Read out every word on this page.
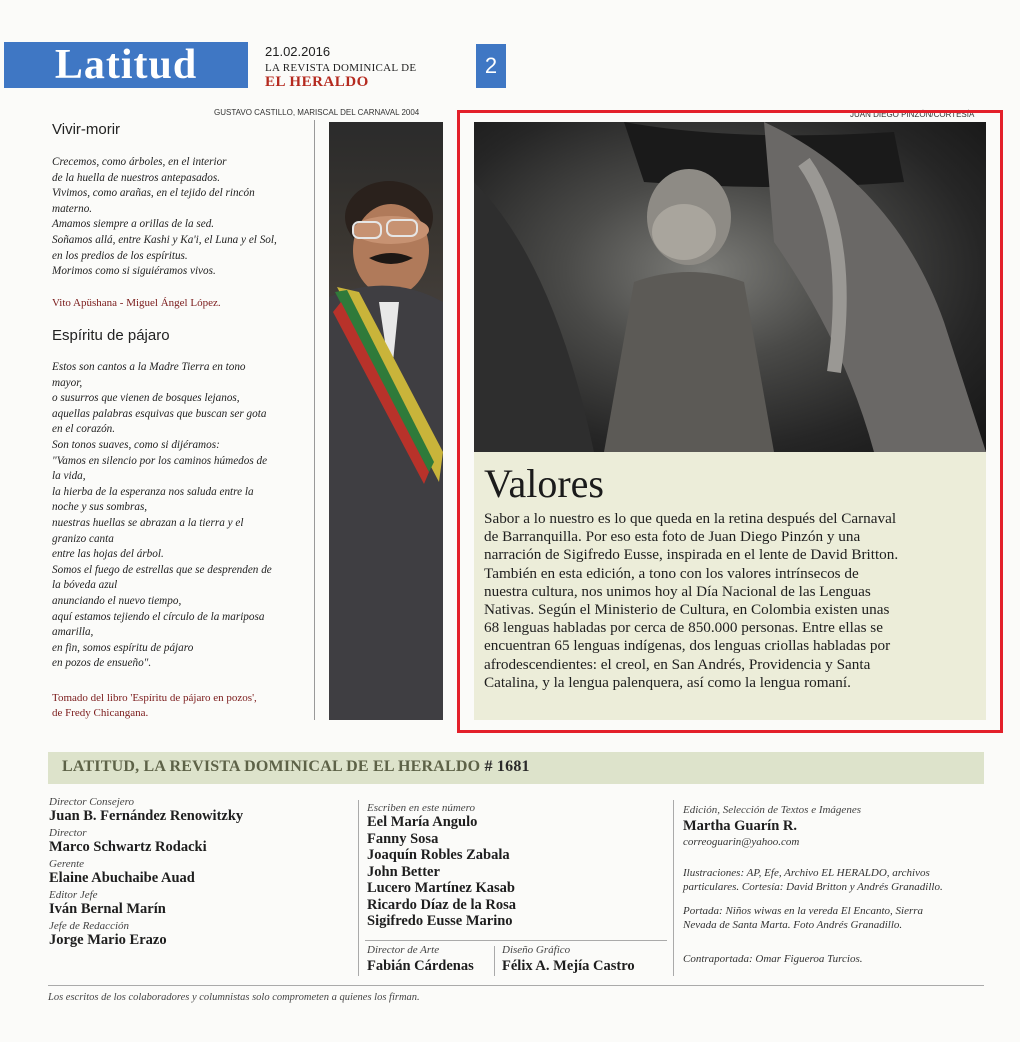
Latitud	21.02.2016
LA REVISTA DOMINICAL DE
EL HERALDO
2
GUSTAVO CASTILLO, MARISCAL DEL CARNAVAL 2004	JUAN DIEGO PINZÓN/CORTESÍA
Vivir-morir
Crecemos, como árboles, en el interior
de la huella de nuestros antepasados.
Vivimos, como arañas, en el tejido del rincón
materno.
Amamos siempre a orillas de la sed.
Soñamos allá, entre Kashi y Ka'i, el Luna y el Sol,
en los predios de los espíritus.
Morimos como si siguiéramos vivos.
Vito Apüshana - Miguel Ángel López.
Espíritu de pájaro
Estos son cantos a la Madre Tierra en tono
mayor,
o susurros que vienen de bosques lejanos,
aquellas palabras esquivas que buscan ser gota
en el corazón.
Son tonos suaves, como si dijéramos:
"Vamos en silencio por los caminos húmedos de
la vida,
la hierba de la esperanza nos saluda entre la
noche y sus sombras,
nuestras huellas se abrazan a la tierra y el
granizo canta
entre las hojas del árbol.
Somos el fuego de estrellas que se desprenden de
la bóveda azul
anunciando el nuevo tiempo,
aquí estamos tejiendo el círculo de la mariposa
amarilla,
en fin, somos espíritu de pájaro
en pozos de ensueño".
Tomado del libro 'Espíritu de pájaro en pozos',
de Fredy Chicangana.
Valores
Sabor a lo nuestro es lo que queda en la retina después del Carnaval
de Barranquilla. Por eso esta foto de Juan Diego Pinzón y una
narración de Sigifredo Eusse, inspirada en el lente de David Britton.
También en esta edición, a tono con los valores intrínsecos de
nuestra cultura, nos unimos hoy al Día Nacional de las Lenguas
Nativas. Según el Ministerio de Cultura, en Colombia existen unas
68 lenguas habladas por cerca de 850.000 personas. Entre ellas se
encuentran 65 lenguas indígenas, dos lenguas criollas habladas por
afrodescendientes: el creol, en San Andrés, Providencia y Santa
Catalina, y la lengua palenquera, así como la lengua romaní.
LATITUD, LA REVISTA DOMINICAL DE EL HERALDO # 1681
Director Consejero
Juan B. Fernández Renowitzky
Director
Marco Schwartz Rodacki
Gerente
Elaine Abuchaibe Auad
Editor Jefe
Iván Bernal Marín
Jefe de Redacción
Jorge Mario Erazo
Escriben en este número
Eel María Angulo
Fanny Sosa
Joaquín Robles Zabala
John Better
Lucero Martínez Kasab
Ricardo Díaz de la Rosa
Sigifredo Eusse Marino
Director de Arte
Fabián Cárdenas
Diseño Gráfico
Félix A. Mejía Castro
Edición, Selección de Textos e Imágenes
Martha Guarín R.
correoguarin@yahoo.com
Ilustraciones: AP, Efe, Archivo EL HERALDO, archivos
particulares. Cortesía: David Britton y Andrés Granadillo.
Portada: Niños wiwas en la vereda El Encanto, Sierra
Nevada de Santa Marta. Foto Andrés Granadillo.
Contraportada: Omar Figueroa Turcios.
Los escritos de los colaboradores y columnistas solo comprometen a quienes los firman.
